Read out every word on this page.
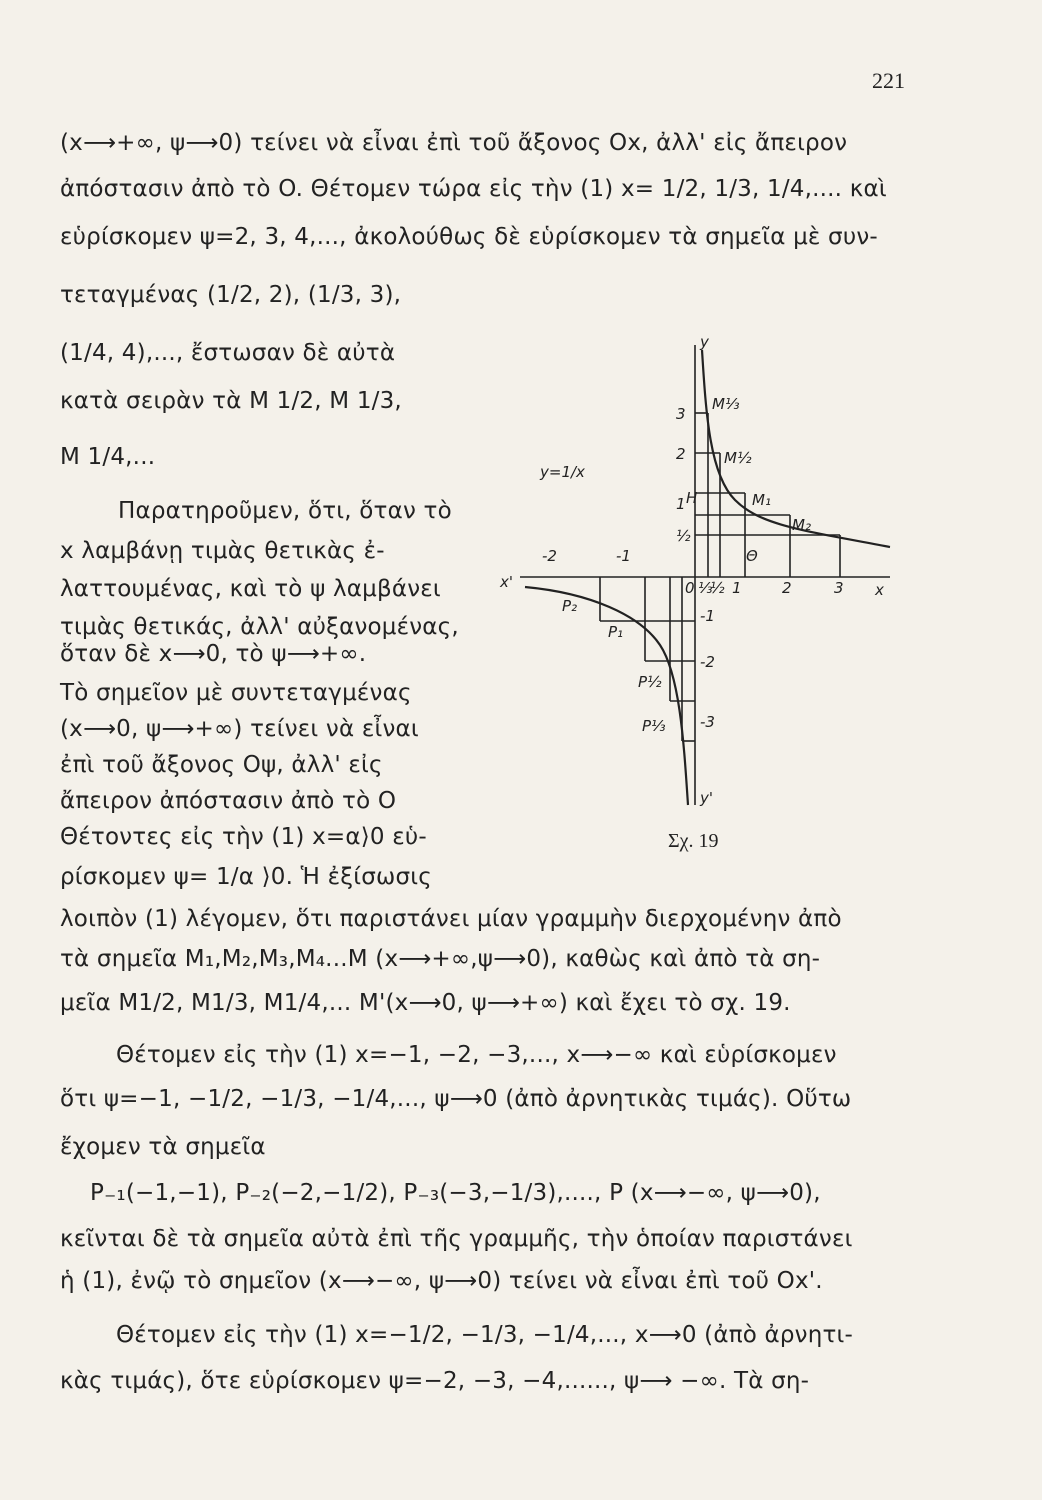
221
(x⟶+∞, ψ⟶0) τείνει νὰ εἶναι ἐπὶ τοῦ ἄξονος Ox, ἀλλ' εἰς ἄπειρον
ἀπόστασιν ἀπὸ τὸ O. Θέτομεν τώρα εἰς τὴν (1) x= 1/2, 1/3, 1/4,.... καὶ
εὑρίσκομεν ψ=2, 3, 4,..., ἀκολούθως δὲ εὑρίσκομεν τὰ σημεῖα μὲ συν-
τεταγμένας (1/2, 2), (1/3, 3),
(1/4, 4),..., ἔστωσαν δὲ αὐτὰ
κατὰ σειρὰν τὰ M 1/2, M 1/3,
M 1/4,...
Παρατηροῦμεν, ὅτι, ὅταν τὸ
x λαμβάνῃ τιμὰς θετικὰς ἐ-
λαττουμένας, καὶ τὸ ψ λαμβάνει
τιμὰς θετικάς, ἀλλ' αὐξανομένας,
ὅταν δὲ x⟶0, τὸ ψ⟶+∞.
Τὸ σημεῖον μὲ συντεταγμένας
(x⟶0, ψ⟶+∞) τείνει νὰ εἶναι
ἐπὶ τοῦ ἄξονος Oψ, ἀλλ' εἰς
ἄπειρον ἀπόστασιν ἀπὸ τὸ O
Θέτοντες εἰς τὴν (1) x=α⟩0 εὑ-
ρίσκομεν ψ= 1/α ⟩0. Ἡ ἐξίσωσις
λοιπὸν (1) λέγομεν, ὅτι παριστάνει μίαν γραμμὴν διερχομένην ἀπὸ
τὰ σημεῖα M₁,M₂,M₃,M₄...M (x⟶+∞,ψ⟶0), καθὼς καὶ ἀπὸ τὰ ση-
μεῖα M1/2, M1/3, M1/4,... M'(x⟶0, ψ⟶+∞) καὶ ἔχει τὸ σχ. 19.
Θέτομεν εἰς τὴν (1) x=−1, −2, −3,..., x⟶−∞ καὶ εὑρίσκομεν
ὅτι ψ=−1, −1/2, −1/3, −1/4,..., ψ⟶0 (ἀπὸ ἀρνητικὰς τιμάς). Οὕτω
ἔχομεν τὰ σημεῖα
P₋₁(−1,−1), P₋₂(−2,−1/2), P₋₃(−3,−1/3),...., P (x⟶−∞, ψ⟶0),
κεῖνται δὲ τὰ σημεῖα αὐτὰ ἐπὶ τῆς γραμμῆς, τὴν ὁποίαν παριστάνει
ἡ (1), ἐνῷ τὸ σημεῖον (x⟶−∞, ψ⟶0) τείνει νὰ εἶναι ἐπὶ τοῦ Ox'.
Θέτομεν εἰς τὴν (1) x=−1/2, −1/3, −1/4,..., x⟶0 (ἀπὸ ἀρνητι-
κὰς τιμάς), ὅτε εὑρίσκομεν ψ=−2, −3, −4,......, ψ⟶ −∞. Τὰ ση-
y
y'
x
x'	0
y=1/x
-2	-1
⅓
½ 1	2	3
3
2
1
½
-1
-2
-3
M⅓
M½
M₁
M₂
P₂
P₁
P½
P⅓
H
Θ
Σχ. 19
